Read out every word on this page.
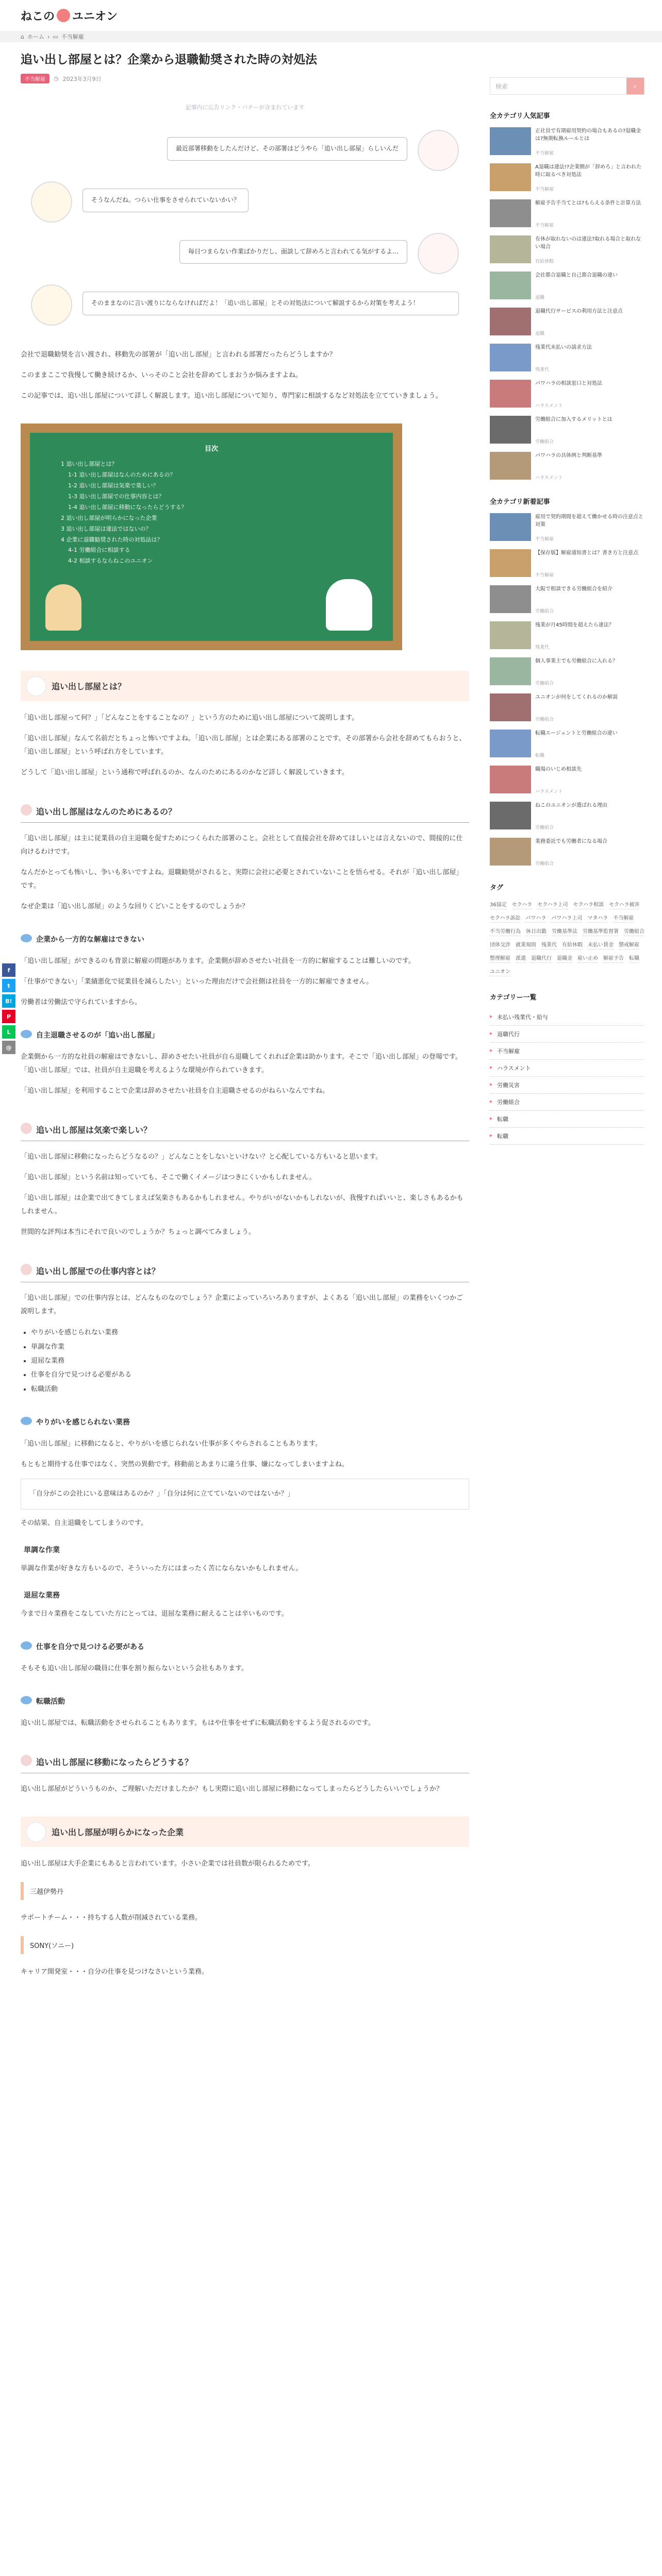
ねこの ユニオン
⌂ ホーム › ▭ 不当解雇
f
t
B!
P
L
@
追い出し部屋とは？企業から退職勧奨された時の対処法
不当解雇	◷ 2023年3月9日
記事内に広告リンク・バナーが含まれています
最近部署移動をしたんだけど、その部署はどうやら「追い出し部屋」らしいんだ
そうなんだね。つらい仕事をさせられていないかい？
毎日つまらない作業ばかりだし、面談して辞めろと言われてる気がするよ…
そのままなのに言い渡りにならなければだよ！「追い出し部屋」とその対処法について解説するから対策を考えよう！

会社で退職勧奨を言い渡され、移動先の部署が「追い出し部屋」と言われる部署だったらどうしますか？

このままここで我慢して働き続けるか、いっそのこと会社を辞めてしまおうか悩みますよね。

この記事では、追い出し部屋について詳しく解説します。追い出し部屋について知り、専門家に相談するなど対処法を立てていきましょう。

目次
1 追い出し部屋とは？
1-1 追い出し部屋はなんのためにあるの？
1-2 追い出し部屋は気楽で楽しい？
1-3 追い出し部屋での仕事内容とは？
1-4 追い出し部屋に移動になったらどうする？
2 追い出し部屋が明らかになった企業
3 追い出し部屋は違法ではないの？
4 企業に退職勧奨された時の対処法は？
4-1 労働組合に相談する
4-2 相談するならねこのユニオン
追い出し部屋とは？

「追い出し部屋って何？」「どんなことをすることなの？」という方のために追い出し部屋について説明します。

「追い出し部屋」なんて名前だとちょっと怖いですよね。「追い出し部屋」とは企業にある部署のことです。その部署から会社を辞めてもらおうと、「追い出し部屋」という呼ばれ方をしています。

どうして「追い出し部屋」という通称で呼ばれるのか、なんのためにあるのかなど詳しく解説していきます。

追い出し部屋はなんのためにあるの？

「追い出し部屋」は主に従業員の自主退職を促すためにつくられた部署のこと。会社として直接会社を辞めてほしいとは言えないので、間接的に仕向けるわけです。

なんだかとっても怖いし、争いも多いですよね。退職勧奨がされると、実際に会社に必要とされていないことを悟らせる。それが「追い出し部屋」です。

なぜ企業は「追い出し部屋」のような回りくどいことをするのでしょうか？

企業から一方的な解雇はできない

「追い出し部屋」ができるのも背景に解雇の問題があります。企業側が辞めさせたい社員を一方的に解雇することは難しいのです。

「仕事ができない」「業績悪化で従業員を減らしたい」といった理由だけで会社側は社員を一方的に解雇できません。

労働者は労働法で守られていますから。

自主退職させるのが「追い出し部屋」

企業側から一方的な社員の解雇はできないし、辞めさせたい社員が自ら退職してくれれば企業は助かります。そこで「追い出し部屋」の登場です。「追い出し部屋」では、社員が自主退職を考えるような環境が作られていきます。

「追い出し部屋」を利用することで企業は辞めさせたい社員を自主退職させるのがねらいなんですね。

追い出し部屋は気楽で楽しい？

「追い出し部屋に移動になったらどうなるの？」どんなことをしないといけない？と心配している方もいると思います。

「追い出し部屋」という名前は知っていても、そこで働くイメージはつきにくいかもしれません。

「追い出し部屋」は企業で出てきてしまえば気楽さもあるかもしれません。やりがいがないかもしれないが、我慢すればいいと、楽しさもあるかもしれません。

世間的な評判は本当にそれで良いのでしょうか？ちょっと調べてみましょう。

追い出し部屋での仕事内容とは？

「追い出し部屋」での仕事内容とは、どんなものなのでしょう？企業によっていろいろありますが、よくある「追い出し部屋」の業務をいくつかご説明します。

• やりがいを感じられない業務
• 単調な作業
• 退屈な業務
• 仕事を自分で見つける必要がある
• 転職活動
やりがいを感じられない業務

「追い出し部屋」に移動になると、やりがいを感じられない仕事が多くやらされることもあります。

もともと期待する仕事ではなく、突然の異動です。移動前とあまりに違う仕事、嫌になってしまいますよね。

「自分がこの会社にいる意味はあるのか？」「自分は何に立てていないのではないか？」

その結果、自主退職をしてしまうのです。

単調な作業

単調な作業が好きな方もいるので、そういった方にはまったく苦にならないかもしれません。

退屈な業務

今まで日々業務をこなしていた方にとっては、退屈な業務に耐えることは辛いものです。

仕事を自分で見つける必要がある

そもそも追い出し部屋の職員に仕事を割り振らないという会社もあります。

転職活動

追い出し部屋では、転職活動をさせられることもあります。もはや仕事をせずに転職活動をするよう促されるのです。

追い出し部屋に移動になったらどうする？

追い出し部屋がどういうものか、ご理解いただけましたか？もし実際に追い出し部屋に移動になってしまったらどうしたらいいでしょうか？

追い出し部屋が明らかになった企業

追い出し部屋は大手企業にもあると言われています。小さい企業では社員数が限られるためです。

三越伊勢丹

サポートチーム・・・持ちする人数が削減されている業務。

SONY(ソニー)

キャリア開発室・・・自分の仕事を見つけなさいという業務。

検索	⌕
全カテゴリ人気記事
正社員で有期雇用契約の場合もあるの?退職金は?無期転換ルールとは
不当解雇
A退職は違法!?企業側が「辞めろ」と言われた時に取るべき対処法
不当解雇
解雇予告手当てとは?もらえる条件と計算方法
不当解雇
有休が取れないのは違法?取れる場合と取れない場合
有給休暇
会社都合退職と自己都合退職の違い
退職
退職代行サービスの利用方法と注意点
退職
残業代未払いの請求方法
残業代
パワハラの相談窓口と対処法
ハラスメント
労働組合に加入するメリットとは
労働組合
パワハラの具体例と判断基準
ハラスメント
全カテゴリ新着記事
雇用で契約期間を超えて働かせる時の注意点と対策
不当解雇
【保存版】解雇通知書とは？書き方と注意点
不当解雇
大阪で相談できる労働組合を紹介
労働組合
残業が月45時間を超えたら違法？
残業代
個人事業主でも労働組合に入れる？
労働組合
ユニオンが何をしてくれるのか解説
労働組合
転職エージェントと労働組合の違い
転職
職場のいじめ相談先
ハラスメント
ねこのユニオンが選ばれる理由
労働組合
業務委託でも労働者になる場合
労働組合
タグ
36協定 セクハラ セクハラ上司 セクハラ相談 セクハラ被害
セクハラ訴訟 パワハラ パワハラ上司 マタハラ 不当解雇
不当労働行為 休日出勤 労働基準法 労働基準監督署 労働組合
団体交渉 就業規則 残業代 有給休暇 未払い賃金 懲戒解雇
整理解雇 派遣 退職代行 退職金 雇い止め 解雇予告 転職
ユニオン
カテゴリー一覧
▸ 未払い残業代・給与
▸ 退職代行
▸ 不当解雇
▸ ハラスメント
▸ 労働災害
▸ 労働組合
▸ 転職
▸ 転職
